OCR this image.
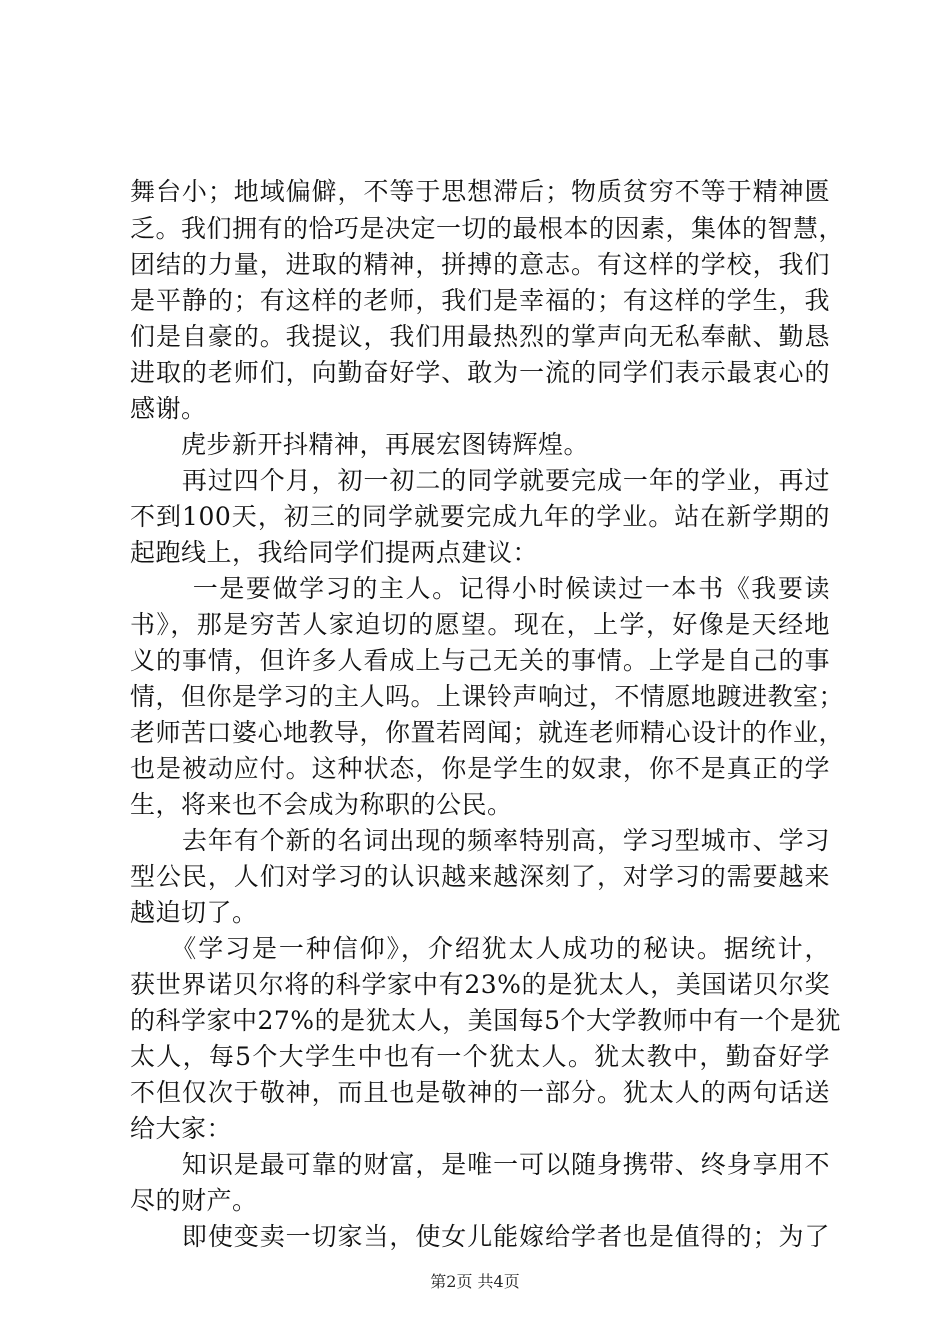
舞台小；地域偏僻，不等于思想滞后；物质贫穷不等于精神匮
乏。我们拥有的恰巧是决定一切的最根本的因素，集体的智慧，
团结的力量，进取的精神，拼搏的意志。有这样的学校，我们
是平静的；有这样的老师，我们是幸福的；有这样的学生，我
们是自豪的。我提议，我们用最热烈的掌声向无私奉献、勤恳
进取的老师们，向勤奋好学、敢为一流的同学们表示最衷心的
感谢。
　　虎步新开抖精神，再展宏图铸辉煌。
　　再过四个月，初一初二的同学就要完成一年的学业，再过
不到100天，初三的同学就要完成九年的学业。站在新学期的
起跑线上，我给同学们提两点建议：
　　 一是要做学习的主人。记得小时候读过一本书《我要读
书》，那是穷苦人家迫切的愿望。现在，上学，好像是天经地
义的事情，但许多人看成上与己无关的事情。上学是自己的事
情，但你是学习的主人吗。上课铃声响过，不情愿地踱进教室；
老师苦口婆心地教导，你置若罔闻；就连老师精心设计的作业，
也是被动应付。这种状态，你是学生的奴隶，你不是真正的学
生，将来也不会成为称职的公民。
　　去年有个新的名词出现的频率特别高，学习型城市、学习
型公民，人们对学习的认识越来越深刻了，对学习的需要越来
越迫切了。
　　《学习是一种信仰》，介绍犹太人成功的秘诀。据统计，
获世界诺贝尔将的科学家中有23%的是犹太人，美国诺贝尔奖
的科学家中27%的是犹太人，美国每5个大学教师中有一个是犹
太人，每5个大学生中也有一个犹太人。犹太教中，勤奋好学
不但仅次于敬神，而且也是敬神的一部分。犹太人的两句话送
给大家：
　　知识是最可靠的财富，是唯一可以随身携带、终身享用不
尽的财产。
　　即使变卖一切家当，使女儿能嫁给学者也是值得的；为了
第2页 共4页
